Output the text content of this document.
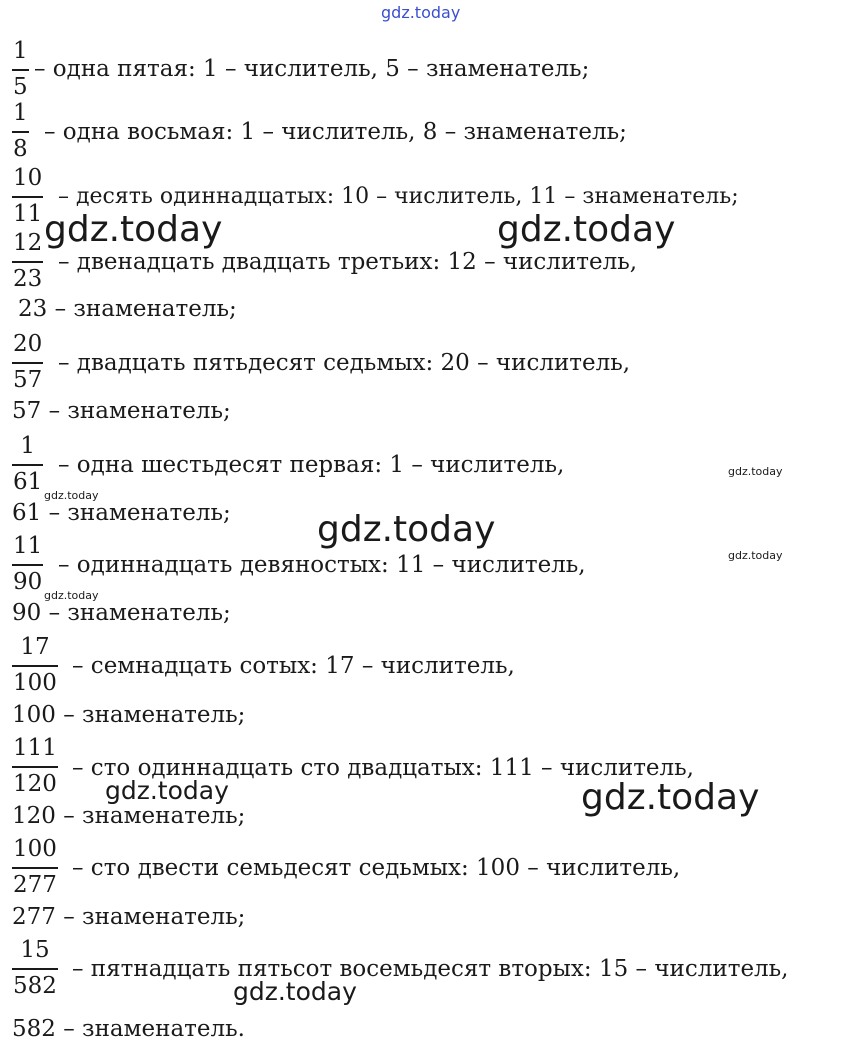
gdz.today
1
5
– одна пятая: 1 – числитель, 5 – знаменатель;
1
8
– одна восьмая: 1 – числитель, 8 – знаменатель;
10
11
– десять одиннадцатых: 10 – числитель, 11 – знаменатель;
12
23
– двенадцать двадцать третьих: 12 – числитель,
23 – знаменатель;
20
57
– двадцать пятьдесят седьмых: 20 – числитель,
57 – знаменатель;
1
61
– одна шестьдесят первая: 1 – числитель,
61 – знаменатель;
11
90
– одиннадцать девяностых: 11 – числитель,
90 – знаменатель;
17
100
– семнадцать сотых: 17 – числитель,
100 – знаменатель;
111
120
– сто одиннадцать сто двадцатых: 111 – числитель,
120 – знаменатель;
100
277
– сто двести семьдесят седьмых: 100 – числитель,
277 – знаменатель;
15
582
– пятнадцать пятьсот восемьдесят вторых: 15 – числитель,
582 – знаменатель.
gdz.today	gdz.today
gdz.today
gdz.today
gdz.today
gdz.today
gdz.today
gdz.today	gdz.today
gdz.today
